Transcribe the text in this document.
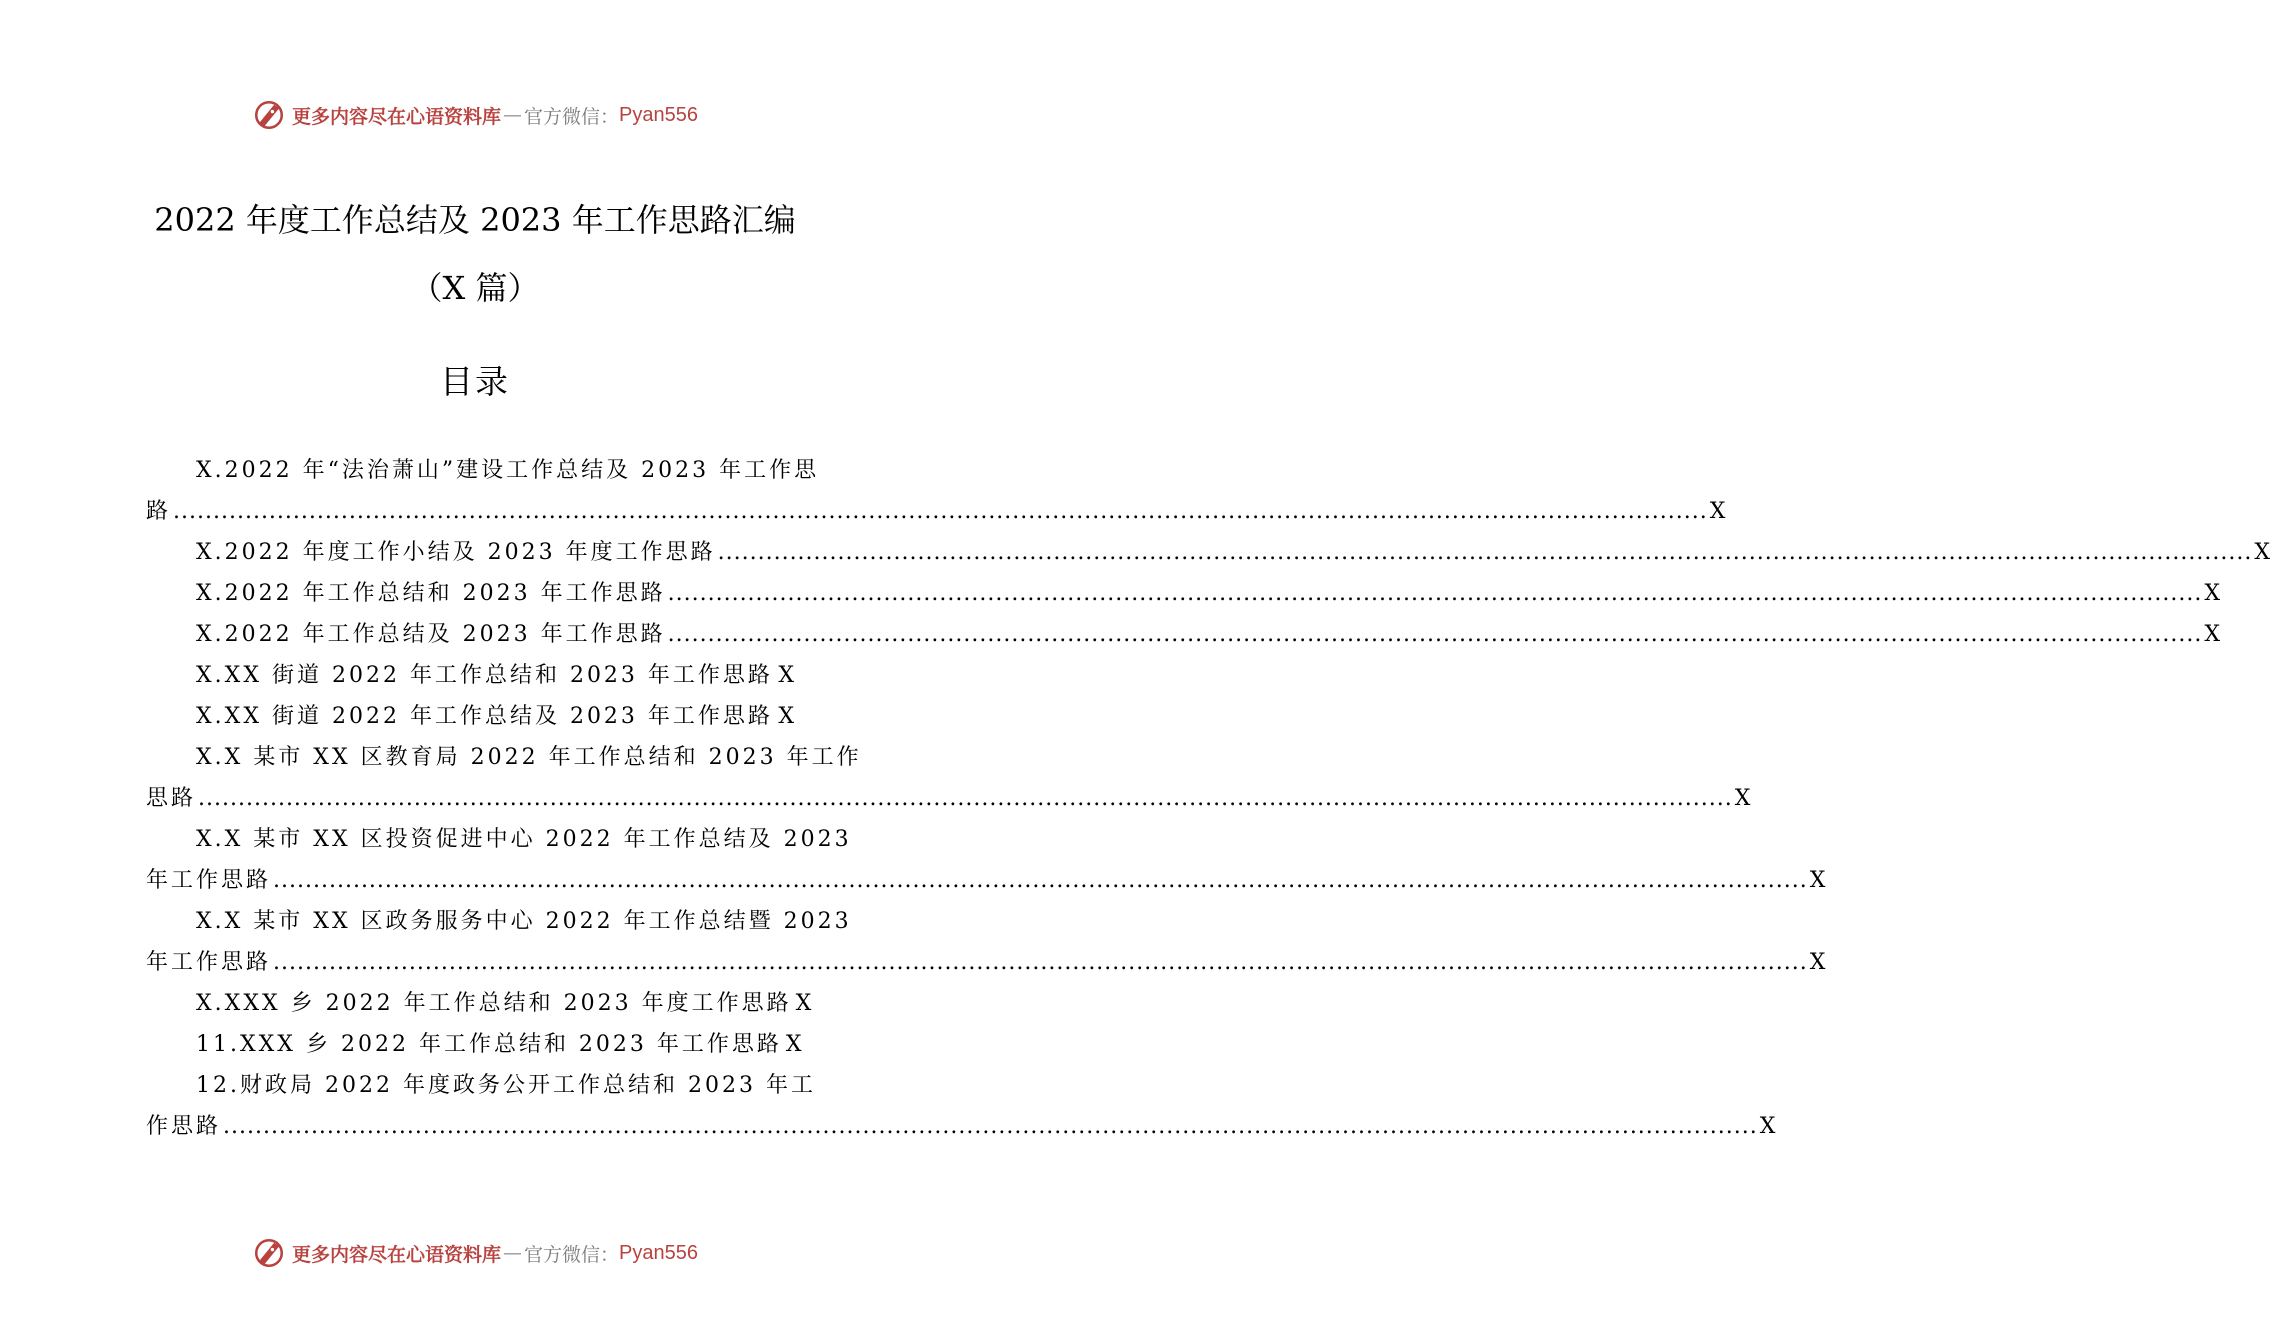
更多内容尽在心语资料库 — 官方微信： Pyan556
2022 年度工作总结及 2023 年工作思路汇编
（X 篇）
目录
X.2022 年“法治萧山”建设工作总结及 2023 年工作思
路 .....	X
X.2022 年度工作小结及 2023 年度工作思路 .....	X
X.2022 年工作总结和 2023 年工作思路 .....	X
X.2022 年工作总结及 2023 年工作思路 .....	X
X.XX 街道 2022 年工作总结和 2023 年工作思路 ..... X
X.XX 街道 2022 年工作总结及 2023 年工作思路 ..... X
X.X 某市 XX 区教育局 2022 年工作总结和 2023 年工作
思路 .....	X
X.X 某市 XX 区投资促进中心 2022 年工作总结及 2023
年工作思路 .....	X
X.X 某市 XX 区政务服务中心 2022 年工作总结暨 2023
年工作思路 .....	X
X.XXX 乡 2022 年工作总结和 2023 年度工作思路 X
11.XXX 乡 2022 年工作总结和 2023 年工作思路 X
12.财政局 2022 年度政务公开工作总结和 2023 年工
作思路 .....	X
更多内容尽在心语资料库 — 官方微信： Pyan556
